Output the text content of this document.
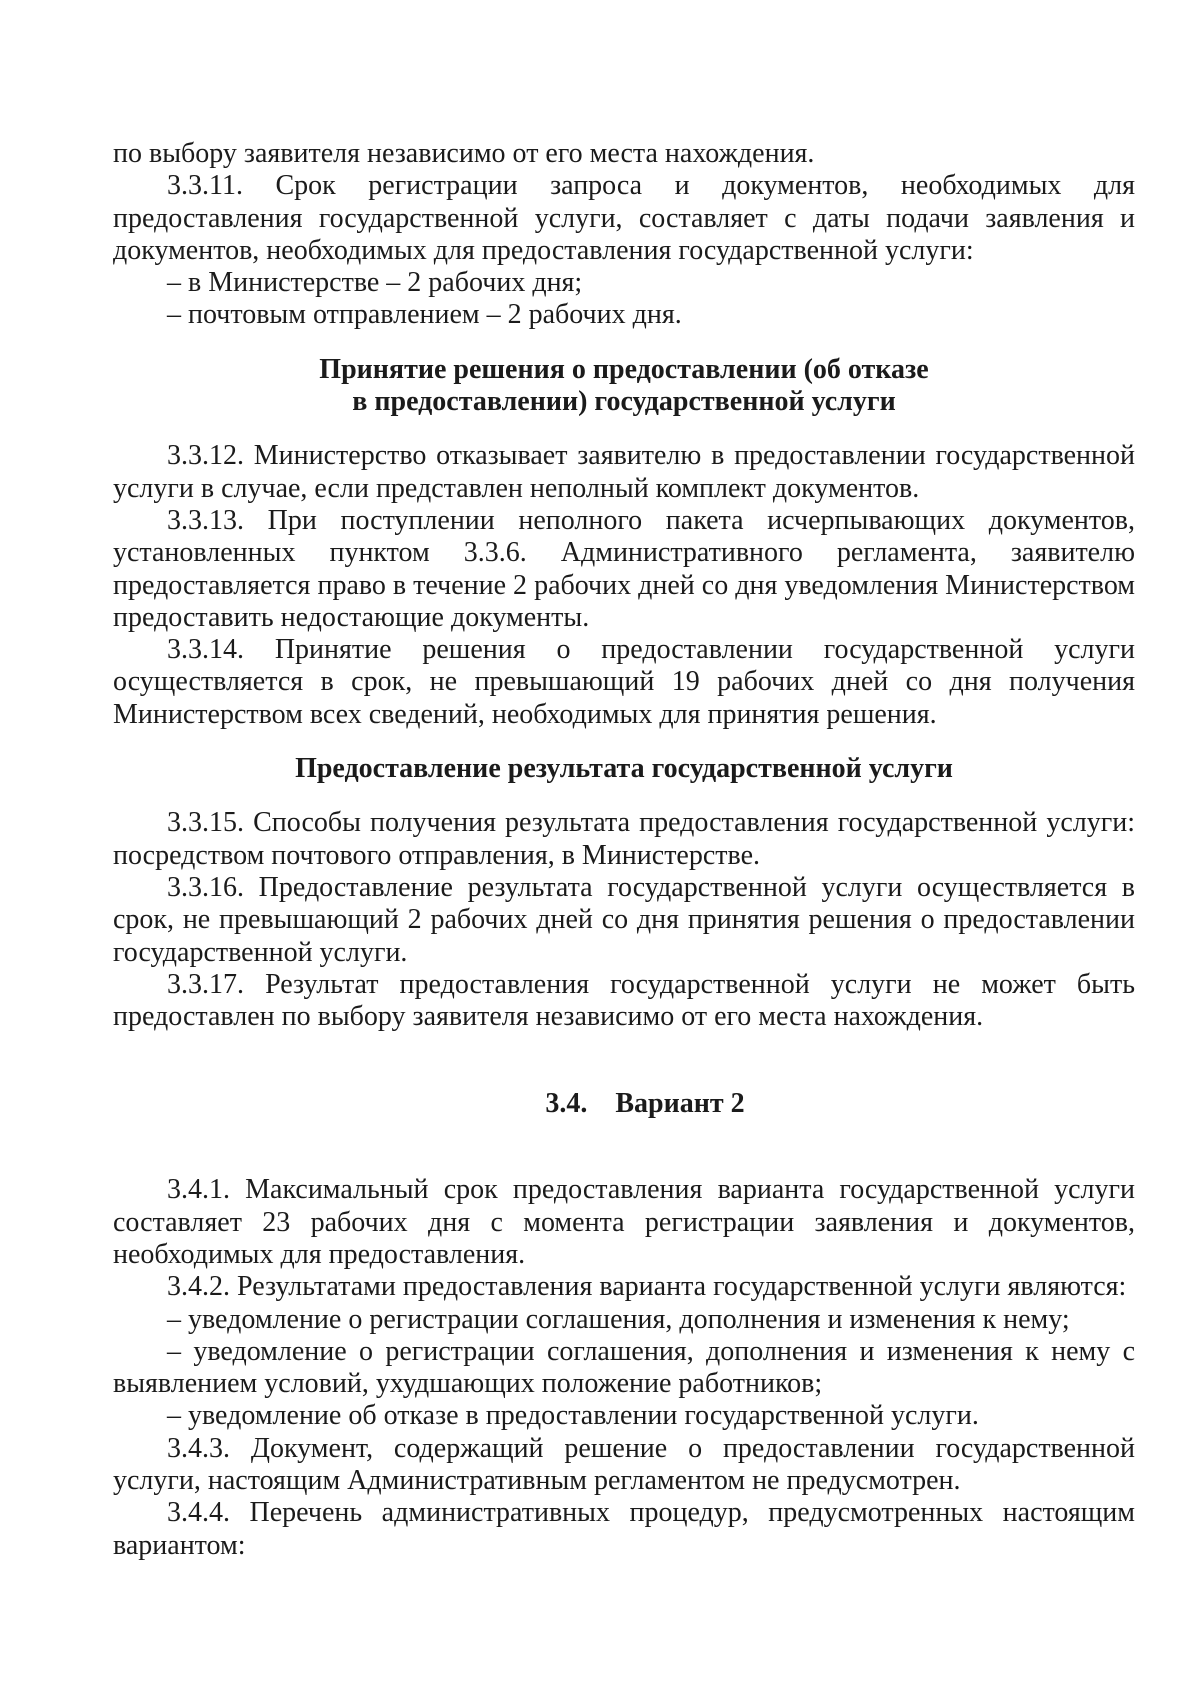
по выбору заявителя независимо от его места нахождения.

3.3.11. Срок регистрации запроса и документов, необходимых для предоставления государственной услуги, составляет с даты подачи заявления и документов, необходимых для предоставления государственной услуги:

– в Министерстве – 2 рабочих дня;

– почтовым отправлением – 2 рабочих дня.

Принятие решения о предоставлении (об отказе
в предоставлении) государственной услуги

3.3.12. Министерство отказывает заявителю в предоставлении государственной услуги в случае, если представлен неполный комплект документов.

3.3.13. При поступлении неполного пакета исчерпывающих документов, установленных пунктом 3.3.6. Административного регламента, заявителю предоставляется право в течение 2 рабочих дней со дня уведомления Министерством предоставить недостающие документы.

3.3.14. Принятие решения о предоставлении государственной услуги осуществляется в срок, не превышающий 19 рабочих дней со дня получения Министерством всех сведений, необходимых для принятия решения.

Предоставление результата государственной услуги

3.3.15. Способы получения результата предоставления государственной услуги: посредством почтового отправления, в Министерстве.

3.3.16. Предоставление результата государственной услуги осуществляется в срок, не превышающий 2 рабочих дней со дня принятия решения о предоставлении государственной услуги.

3.3.17. Результат предоставления государственной услуги не может быть предоставлен по выбору заявителя независимо от его места нахождения.

3.4.    Вариант 2

3.4.1. Максимальный срок предоставления варианта государственной услуги составляет 23 рабочих дня с момента регистрации заявления и документов, необходимых для предоставления.

3.4.2. Результатами предоставления варианта государственной услуги являются:

– уведомление о регистрации соглашения, дополнения и изменения к нему;

– уведомление о регистрации соглашения, дополнения и изменения к нему с выявлением условий, ухудшающих положение работников;

– уведомление об отказе в предоставлении государственной услуги.

3.4.3. Документ, содержащий решение о предоставлении государственной услуги, настоящим Административным регламентом не предусмотрен.

3.4.4. Перечень административных процедур, предусмотренных настоящим вариантом:
